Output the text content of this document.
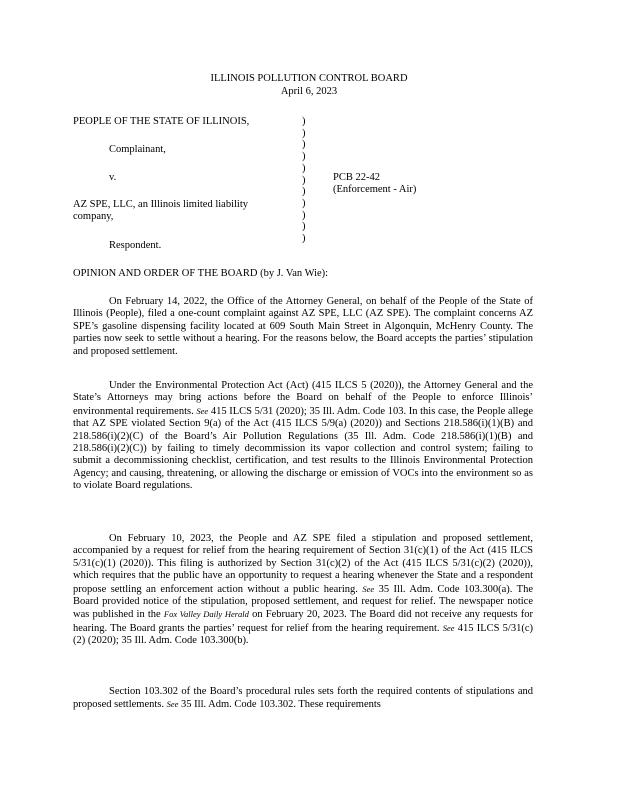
ILLINOIS POLLUTION CONTROL BOARD
April 6, 2023
PEOPLE OF THE STATE OF ILLINOIS,
Complainant,
v.
AZ SPE, LLC, an Illinois limited liability
company,
Respondent.
)
)
)
)
)
)
)
)
)
)
)
PCB 22-42
(Enforcement - Air)
OPINION AND ORDER OF THE BOARD (by J. Van Wie):

On February 14, 2022, the Office of the Attorney General, on behalf of the People of the State of Illinois (People), filed a one-count complaint against AZ SPE, LLC (AZ SPE). The complaint concerns AZ SPE’s gasoline dispensing facility located at 609 South Main Street in Algonquin, McHenry County. The parties now seek to settle without a hearing. For the reasons below, the Board accepts the parties’ stipulation and proposed settlement.

Under the Environmental Protection Act (Act) (415 ILCS 5 (2020)), the Attorney General and the State’s Attorneys may bring actions before the Board on behalf of the People to enforce Illinois’ environmental requirements. See 415 ILCS 5/31 (2020); 35 Ill. Adm. Code 103. In this case, the People allege that AZ SPE violated Section 9(a) of the Act (415 ILCS 5/9(a) (2020)) and Sections 218.586(i)(1)(B) and 218.586(i)(2)(C) of the Board’s Air Pollution Regulations (35 Ill. Adm. Code 218.586(i)(1)(B) and 218.586(i)(2)(C)) by failing to timely decommission its vapor collection and control system; failing to submit a decommissioning checklist, certification, and test results to the Illinois Environmental Protection Agency; and causing, threatening, or allowing the discharge or emission of VOCs into the environment so as to violate Board regulations.

On February 10, 2023, the People and AZ SPE filed a stipulation and proposed settlement, accompanied by a request for relief from the hearing requirement of Section 31(c)(1) of the Act (415 ILCS 5/31(c)(1) (2020)). This filing is authorized by Section 31(c)(2) of the Act (415 ILCS 5/31(c)(2) (2020)), which requires that the public have an opportunity to request a hearing whenever the State and a respondent propose settling an enforcement action without a public hearing. See 35 Ill. Adm. Code 103.300(a). The Board provided notice of the stipulation, proposed settlement, and request for relief. The newspaper notice was published in the Fox Valley Daily Herald on February 20, 2023. The Board did not receive any requests for hearing. The Board grants the parties’ request for relief from the hearing requirement. See 415 ILCS 5/31(c)(2) (2020); 35 Ill. Adm. Code 103.300(b).

Section 103.302 of the Board’s procedural rules sets forth the required contents of stipulations and proposed settlements. See 35 Ill. Adm. Code 103.302. These requirements
